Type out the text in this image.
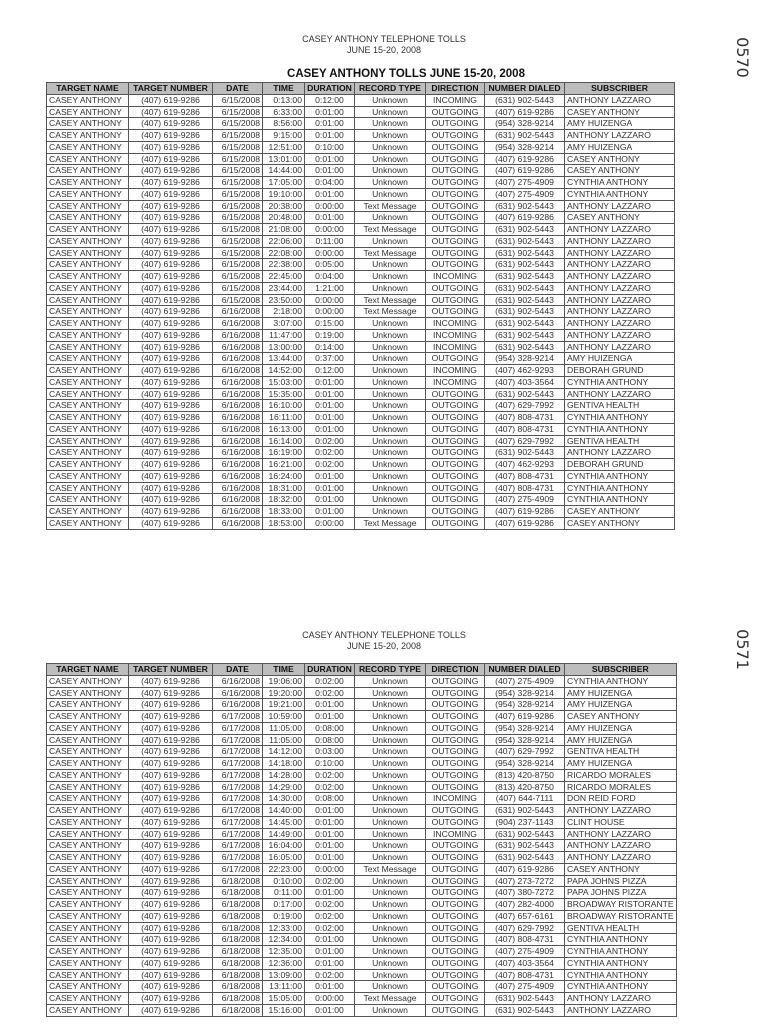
CASEY ANTHONY TELEPHONE TOLLS
JUNE 15-20, 2008	0570
CASEY ANTHONY TOLLS JUNE 15-20, 2008
TARGET NAME	TARGET NUMBER	DATE	TIME	DURATION	RECORD TYPE	DIRECTION	NUMBER DIALED	SUBSCRIBER
CASEY ANTHONY	(407) 619-9286	6/15/2008	0:13:00	0:12:00	Unknown	INCOMING	(631) 902-5443	ANTHONY LAZZARO
CASEY ANTHONY	(407) 619-9286	6/15/2008	6:33:00	0:01:00	Unknown	OUTGOING	(407) 619-9286	CASEY ANTHONY
CASEY ANTHONY	(407) 619-9286	6/15/2008	8:56:00	0:01:00	Unknown	OUTGOING	(954) 328-9214	AMY HUIZENGA
CASEY ANTHONY	(407) 619-9286	6/15/2008	9:15:00	0:01:00	Unknown	OUTGOING	(631) 902-5443	ANTHONY LAZZARO
CASEY ANTHONY	(407) 619-9286	6/15/2008	12:51:00	0:10:00	Unknown	OUTGOING	(954) 328-9214	AMY HUIZENGA
CASEY ANTHONY	(407) 619-9286	6/15/2008	13:01:00	0:01:00	Unknown	OUTGOING	(407) 619-9286	CASEY ANTHONY
CASEY ANTHONY	(407) 619-9286	6/15/2008	14:44:00	0:01:00	Unknown	OUTGOING	(407) 619-9286	CASEY ANTHONY
CASEY ANTHONY	(407) 619-9286	6/15/2008	17:05:00	0:04:00	Unknown	OUTGOING	(407) 275-4909	CYNTHIA ANTHONY
CASEY ANTHONY	(407) 619-9286	6/15/2008	19:10:00	0:01:00	Unknown	OUTGOING	(407) 275-4909	CYNTHIA ANTHONY
CASEY ANTHONY	(407) 619-9286	6/15/2008	20:38:00	0:00:00	Text Message	OUTGOING	(631) 902-5443	ANTHONY LAZZARO
CASEY ANTHONY	(407) 619-9286	6/15/2008	20:48:00	0:01:00	Unknown	OUTGOING	(407) 619-9286	CASEY ANTHONY
CASEY ANTHONY	(407) 619-9286	6/15/2008	21:08:00	0:00:00	Text Message	OUTGOING	(631) 902-5443	ANTHONY LAZZARO
CASEY ANTHONY	(407) 619-9286	6/15/2008	22:06:00	0:11:00	Unknown	OUTGOING	(631) 902-5443	ANTHONY LAZZARO
CASEY ANTHONY	(407) 619-9286	6/15/2008	22:08:00	0:00:00	Text Message	OUTGOING	(631) 902-5443	ANTHONY LAZZARO
CASEY ANTHONY	(407) 619-9286	6/15/2008	22:38:00	0:05:00	Unknown	OUTGOING	(631) 902-5443	ANTHONY LAZZARO
CASEY ANTHONY	(407) 619-9286	6/15/2008	22:45:00	0:04:00	Unknown	INCOMING	(631) 902-5443	ANTHONY LAZZARO
CASEY ANTHONY	(407) 619-9286	6/15/2008	23:44:00	1:21:00	Unknown	OUTGOING	(631) 902-5443	ANTHONY LAZZARO
CASEY ANTHONY	(407) 619-9286	6/15/2008	23:50:00	0:00:00	Text Message	OUTGOING	(631) 902-5443	ANTHONY LAZZARO
CASEY ANTHONY	(407) 619-9286	6/16/2008	2:18:00	0:00:00	Text Message	OUTGOING	(631) 902-5443	ANTHONY LAZZARO
CASEY ANTHONY	(407) 619-9286	6/16/2008	3:07:00	0:15:00	Unknown	INCOMING	(631) 902-5443	ANTHONY LAZZARO
CASEY ANTHONY	(407) 619-9286	6/16/2008	11:47:00	0:19:00	Unknown	INCOMING	(631) 902-5443	ANTHONY LAZZARO
CASEY ANTHONY	(407) 619-9286	6/16/2008	13:00:00	0:14:00	Unknown	INCOMING	(631) 902-5443	ANTHONY LAZZARO
CASEY ANTHONY	(407) 619-9286	6/16/2008	13:44:00	0:37:00	Unknown	OUTGOING	(954) 328-9214	AMY HUIZENGA
CASEY ANTHONY	(407) 619-9286	6/16/2008	14:52:00	0:12:00	Unknown	INCOMING	(407) 462-9293	DEBORAH GRUND
CASEY ANTHONY	(407) 619-9286	6/16/2008	15:03:00	0:01:00	Unknown	INCOMING	(407) 403-3564	CYNTHIA ANTHONY
CASEY ANTHONY	(407) 619-9286	6/16/2008	15:35:00	0:01:00	Unknown	OUTGOING	(631) 902-5443	ANTHONY LAZZARO
CASEY ANTHONY	(407) 619-9286	6/16/2008	16:10:00	0:01:00	Unknown	OUTGOING	(407) 629-7992	GENTIVA HEALTH
CASEY ANTHONY	(407) 619-9286	6/16/2008	16:11:00	0:01:00	Unknown	OUTGOING	(407) 808-4731	CYNTHIA ANTHONY
CASEY ANTHONY	(407) 619-9286	6/16/2008	16:13:00	0:01:00	Unknown	OUTGOING	(407) 808-4731	CYNTHIA ANTHONY
CASEY ANTHONY	(407) 619-9286	6/16/2008	16:14:00	0:02:00	Unknown	OUTGOING	(407) 629-7992	GENTIVA HEALTH
CASEY ANTHONY	(407) 619-9286	6/16/2008	16:19:00	0:02:00	Unknown	OUTGOING	(631) 902-5443	ANTHONY LAZZARO
CASEY ANTHONY	(407) 619-9286	6/16/2008	16:21:00	0:02:00	Unknown	OUTGOING	(407) 462-9293	DEBORAH GRUND
CASEY ANTHONY	(407) 619-9286	6/16/2008	16:24:00	0:01:00	Unknown	OUTGOING	(407) 808-4731	CYNTHIA ANTHONY
CASEY ANTHONY	(407) 619-9286	6/16/2008	18:31:00	0:01:00	Unknown	OUTGOING	(407) 808-4731	CYNTHIA ANTHONY
CASEY ANTHONY	(407) 619-9286	6/16/2008	18:32:00	0:01:00	Unknown	OUTGOING	(407) 275-4909	CYNTHIA ANTHONY
CASEY ANTHONY	(407) 619-9286	6/16/2008	18:33:00	0:01:00	Unknown	OUTGOING	(407) 619-9286	CASEY ANTHONY
CASEY ANTHONY	(407) 619-9286	6/16/2008	18:53:00	0:00:00	Text Message	OUTGOING	(407) 619-9286	CASEY ANTHONY
CASEY ANTHONY TELEPHONE TOLLS
JUNE 15-20, 2008	0571
TARGET NAME	TARGET NUMBER	DATE	TIME	DURATION	RECORD TYPE	DIRECTION	NUMBER DIALED	SUBSCRIBER
CASEY ANTHONY	(407) 619-9286	6/16/2008	19:06:00	0:02:00	Unknown	OUTGOING	(407) 275-4909	CYNTHIA ANTHONY
CASEY ANTHONY	(407) 619-9286	6/16/2008	19:20:00	0:02:00	Unknown	OUTGOING	(954) 328-9214	AMY HUIZENGA
CASEY ANTHONY	(407) 619-9286	6/16/2008	19:21:00	0:01:00	Unknown	OUTGOING	(954) 328-9214	AMY HUIZENGA
CASEY ANTHONY	(407) 619-9286	6/17/2008	10:59:00	0:01:00	Unknown	OUTGOING	(407) 619-9286	CASEY ANTHONY
CASEY ANTHONY	(407) 619-9286	6/17/2008	11:05:00	0:08:00	Unknown	OUTGOING	(954) 328-9214	AMY HUIZENGA
CASEY ANTHONY	(407) 619-9286	6/17/2008	11:05:00	0:08:00	Unknown	OUTGOING	(954) 328-9214	AMY HUIZENGA
CASEY ANTHONY	(407) 619-9286	6/17/2008	14:12:00	0:03:00	Unknown	OUTGOING	(407) 629-7992	GENTIVA HEALTH
CASEY ANTHONY	(407) 619-9286	6/17/2008	14:18:00	0:10:00	Unknown	OUTGOING	(954) 328-9214	AMY HUIZENGA
CASEY ANTHONY	(407) 619-9286	6/17/2008	14:28:00	0:02:00	Unknown	OUTGOING	(813) 420-8750	RICARDO MORALES
CASEY ANTHONY	(407) 619-9286	6/17/2008	14:29:00	0:02:00	Unknown	OUTGOING	(813) 420-8750	RICARDO MORALES
CASEY ANTHONY	(407) 619-9286	6/17/2008	14:30:00	0:08:00	Unknown	INCOMING	(407) 644-7111	DON REID FORD
CASEY ANTHONY	(407) 619-9286	6/17/2008	14:40:00	0:01:00	Unknown	OUTGOING	(631) 902-5443	ANTHONY LAZZARO
CASEY ANTHONY	(407) 619-9286	6/17/2008	14:45:00	0:01:00	Unknown	OUTGOING	(904) 237-1143	CLINT HOUSE
CASEY ANTHONY	(407) 619-9286	6/17/2008	14:49:00	0:01:00	Unknown	INCOMING	(631) 902-5443	ANTHONY LAZZARO
CASEY ANTHONY	(407) 619-9286	6/17/2008	16:04:00	0:01:00	Unknown	OUTGOING	(631) 902-5443	ANTHONY LAZZARO
CASEY ANTHONY	(407) 619-9286	6/17/2008	16:05:00	0:01:00	Unknown	OUTGOING	(631) 902-5443	ANTHONY LAZZARO
CASEY ANTHONY	(407) 619-9286	6/17/2008	22:23:00	0:00:00	Text Message	OUTGOING	(407) 619-9286	CASEY ANTHONY
CASEY ANTHONY	(407) 619-9286	6/18/2008	0:10:00	0:02:00	Unknown	OUTGOING	(407) 273-7272	PAPA JOHNS PIZZA
CASEY ANTHONY	(407) 619-9286	6/18/2008	0:11:00	0:01:00	Unknown	OUTGOING	(407) 380-7272	PAPA JOHNS PIZZA
CASEY ANTHONY	(407) 619-9286	6/18/2008	0:17:00	0:02:00	Unknown	OUTGOING	(407) 282-4000	BROADWAY RISTORANTE
CASEY ANTHONY	(407) 619-9286	6/18/2008	0:19:00	0:02:00	Unknown	OUTGOING	(407) 657-6161	BROADWAY RISTORANTE
CASEY ANTHONY	(407) 619-9286	6/18/2008	12:33:00	0:02:00	Unknown	OUTGOING	(407) 629-7992	GENTIVA HEALTH
CASEY ANTHONY	(407) 619-9286	6/18/2008	12:34:00	0:01:00	Unknown	OUTGOING	(407) 808-4731	CYNTHIA ANTHONY
CASEY ANTHONY	(407) 619-9286	6/18/2008	12:35:00	0:01:00	Unknown	OUTGOING	(407) 275-4909	CYNTHIA ANTHONY
CASEY ANTHONY	(407) 619-9286	6/18/2008	12:36:00	0:01:00	Unknown	OUTGOING	(407) 403-3564	CYNTHIA ANTHONY
CASEY ANTHONY	(407) 619-9286	6/18/2008	13:09:00	0:02:00	Unknown	OUTGOING	(407) 808-4731	CYNTHIA ANTHONY
CASEY ANTHONY	(407) 619-9286	6/18/2008	13:11:00	0:01:00	Unknown	OUTGOING	(407) 275-4909	CYNTHIA ANTHONY
CASEY ANTHONY	(407) 619-9286	6/18/2008	15:05:00	0:00:00	Text Message	OUTGOING	(631) 902-5443	ANTHONY LAZZARO
CASEY ANTHONY	(407) 619-9286	6/18/2008	15:16:00	0:01:00	Unknown	OUTGOING	(631) 902-5443	ANTHONY LAZZARO
